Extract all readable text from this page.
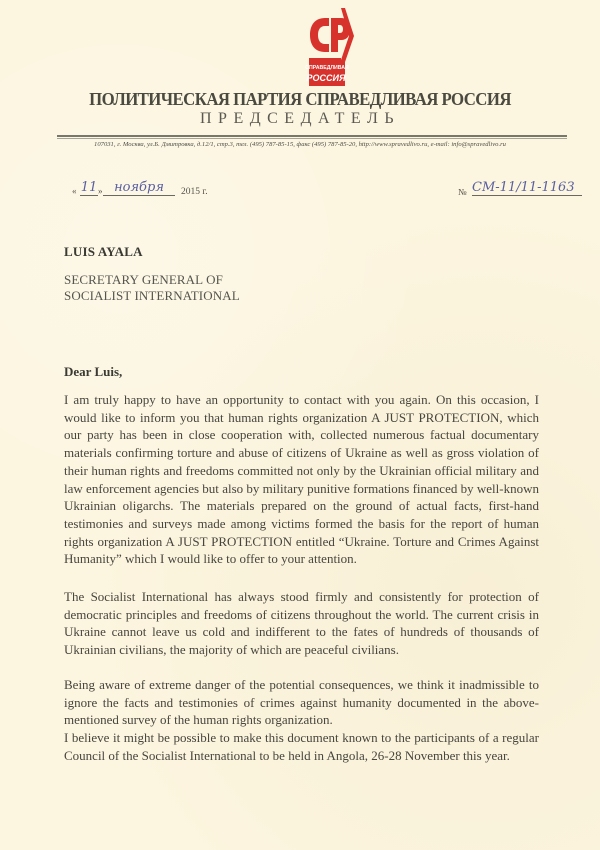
СПРАВЕДЛИВАЯ
РОССИЯ
ПОЛИТИЧЕСКАЯ ПАРТИЯ СПРАВЕДЛИВАЯ РОССИЯ
ПРЕДСЕДАТЕЛЬ
107031, г. Москва, ул.Б. Дмитровка, д.12/1, стр.3, тел. (495) 787-85-15, факс (495) 787-85-20, http://www.spravedlivo.ru, e-mail: info@spravedlivo.ru
« 11 » ноября	2015 г.	№ СМ-11/11-1163
LUIS AYALA
SECRETARY GENERAL OF
SOCIALIST INTERNATIONAL
Dear Luis,

I am truly happy to have an opportunity to contact with you again. On this occasion, I would like to inform you that human rights organization A JUST PROTECTION, which our party has been in close cooperation with, collected numerous factual documentary materials confirming torture and abuse of citizens of Ukraine as well as gross violation of their human rights and freedoms committed not only by the Ukrainian official military and law enforcement agencies but also by military punitive formations financed by well-known Ukrainian oligarchs. The materials prepared on the ground of actual facts, first-hand testimonies and surveys made among victims formed the basis for the report of human rights organization A JUST PROTECTION entitled “Ukraine. Torture and Crimes Against Humanity” which I would like to offer to your attention.

The Socialist International has always stood firmly and consistently for protection of democratic principles and freedoms of citizens throughout the world. The current crisis in Ukraine cannot leave us cold and indifferent to the fates of hundreds of thousands of Ukrainian civilians, the majority of which are peaceful civilians.

Being aware of extreme danger of the potential consequences, we think it inadmissible to ignore the facts and testimonies of crimes against humanity documented in the above-mentioned survey of the human rights organization.

I believe it might be possible to make this document known to the participants of a regular Council of the Socialist International to be held in Angola, 26-28 November this year.
